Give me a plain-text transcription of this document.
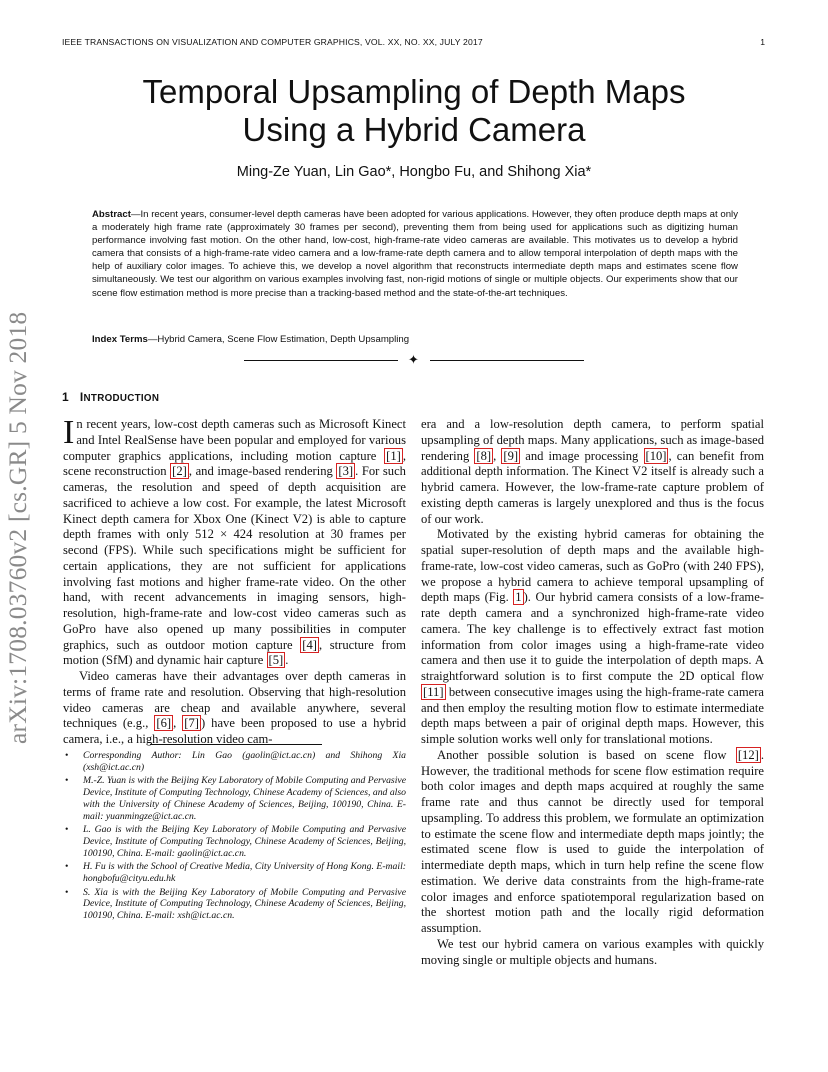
IEEE TRANSACTIONS ON VISUALIZATION AND COMPUTER GRAPHICS, VOL. XX, NO. XX, JULY 2017	1
arXiv:1708.03760v2 [cs.GR] 5 Nov 2018
Temporal Upsampling of Depth Maps
Using a Hybrid Camera
Ming-Ze Yuan, Lin Gao*, Hongbo Fu, and Shihong Xia*
Abstract—In recent years, consumer-level depth cameras have been adopted for various applications. However, they often produce depth maps at only a moderately high frame rate (approximately 30 frames per second), preventing them from being used for applications such as digitizing human performance involving fast motion. On the other hand, low-cost, high-frame-rate video cameras are available. This motivates us to develop a hybrid camera that consists of a high-frame-rate video camera and a low-frame-rate depth camera and to allow temporal interpolation of depth maps with the help of auxiliary color images. To achieve this, we develop a novel algorithm that reconstructs intermediate depth maps and estimates scene flow simultaneously. We test our algorithm on various examples involving fast, non-rigid motions of single or multiple objects. Our experiments show that our scene flow estimation method is more precise than a tracking-based method and the state-of-the-art techniques.
Index Terms—Hybrid Camera, Scene Flow Estimation, Depth Upsampling
✦
1 INTRODUCTION

In recent years, low-cost depth cameras such as Microsoft Kinect and Intel RealSense have been popular and employed for various computer graphics applications, including motion capture [1] , scene reconstruction [2] , and image-based rendering [3] . For such cameras, the resolution and speed of depth acquisition are sacrificed to achieve a low cost. For example, the latest Microsoft Kinect depth camera for Xbox One (Kinect V2) is able to capture depth frames with only 512 × 424 resolution at 30 frames per second (FPS). While such specifications might be sufficient for certain applications, they are not sufficient for applications involving fast motions and higher frame-rate video. On the other hand, with recent advancements in imaging sensors, high-resolution, high-frame-rate and low-cost video cameras such as GoPro have also opened up many possibilities in computer graphics, such as outdoor motion capture [4] , structure from motion (SfM) and dynamic hair capture [5] .

Video cameras have their advantages over depth cameras in terms of frame rate and resolution. Observing that high-resolution video cameras are cheap and available anywhere, several techniques (e.g., [6] , [7] ) have been proposed to use a hybrid camera, i.e., a high-resolution video cam-

• Corresponding Author: Lin Gao (gaolin@ict.ac.cn) and Shihong Xia (xsh@ict.ac.cn)
• M.-Z. Yuan is with the Beijing Key Laboratory of Mobile Computing and Pervasive Device, Institute of Computing Technology, Chinese Academy of Sciences, and also with the University of Chinese Academy of Sciences, Beijing, 100190, China. E-mail: yuanmingze@ict.ac.cn.
• L. Gao is with the Beijing Key Laboratory of Mobile Computing and Pervasive Device, Institute of Computing Technology, Chinese Academy of Sciences, Beijing, 100190, China. E-mail: gaolin@ict.ac.cn.
• H. Fu is with the School of Creative Media, City University of Hong Kong. E-mail: hongbofu@cityu.edu.hk
• S. Xia is with the Beijing Key Laboratory of Mobile Computing and Pervasive Device, Institute of Computing Technology, Chinese Academy of Sciences, Beijing, 100190, China. E-mail: xsh@ict.ac.cn.

era and a low-resolution depth camera, to perform spatial upsampling of depth maps. Many applications, such as image-based rendering [8] , [9] and image processing [10] , can benefit from additional depth information. The Kinect V2 itself is already such a hybrid camera. However, the low-frame-rate capture problem of existing depth cameras is largely unexplored and thus is the focus of our work.

Motivated by the existing hybrid cameras for obtaining the spatial super-resolution of depth maps and the available high-frame-rate, low-cost video cameras, such as GoPro (with 240 FPS), we propose a hybrid camera to achieve temporal upsampling of depth maps (Fig. 1 ). Our hybrid camera consists of a low-frame-rate depth camera and a synchronized high-frame-rate video camera. The key challenge is to effectively extract fast motion information from color images using a high-frame-rate video camera and then use it to guide the interpolation of depth maps. A straightforward solution is to first compute the 2D optical flow [11] between consecutive images using the high-frame-rate camera and then employ the resulting motion flow to estimate intermediate depth maps between a pair of original depth maps. However, this simple solution works well only for translational motions.

Another possible solution is based on scene flow [12] . However, the traditional methods for scene flow estimation require both color images and depth maps acquired at roughly the same frame rate and thus cannot be directly used for temporal upsampling. To address this problem, we formulate an optimization to estimate the scene flow and intermediate depth maps jointly; the estimated scene flow is used to guide the interpolation of intermediate depth maps, which in turn help refine the scene flow estimation. We derive data constraints from the high-frame-rate color images and enforce spatiotemporal regularization based on the shortest motion path and the locally rigid deformation assumption.

We test our hybrid camera on various examples with quickly moving single or multiple objects and humans.
